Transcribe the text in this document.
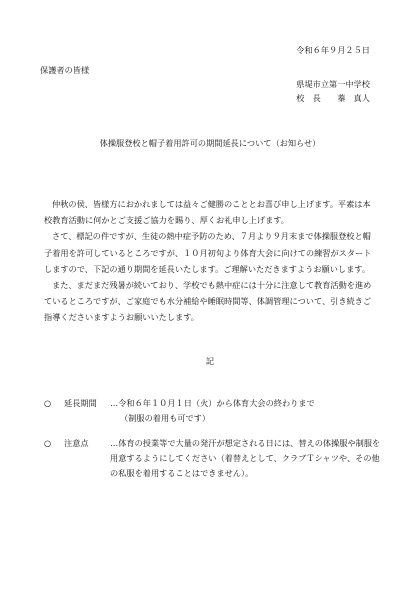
令和６年９月２５日
保護者の皆様
県堤市立第一中学校
校　長　　蓁　真人
体操服登校と帽子着用許可の期間延長について（お知らせ）

仲秋の侯、皆様方におかれましては益々ご健勝のこととお喜び申し上げます。平素は本校教育活動に何かとご支援ご協力を賜り、厚くお礼申し上げます。

さて、標記の件ですが、生徒の熱中症予防のため、７月より９月末まで体操服登校と帽子着用を許可しているところですが、１０月初旬より体育大会に向けての練習がスタートしますので、下記の通り期間を延長いたします。ご理解いただきますようお願いします。

また、まだまだ残暑が続いており、学校でも熱中症には十分に注意して教育活動を進めているところですが、ご家庭でも水分補給や睡眠時間等、体調管理について、引き続きご指導くださいますようお願いいたします。

記
○ 延長期間 …令和６年１０月１日（火）から体育大会の終わりまで
（制服の着用も可です）
○ 注意点	…体育の授業等で大量の発汗が想定される日には、替えの体操服や制服を用意するようにしてください（着替えとして、クラブＴシャツや、その他の私服を着用することはできません）。
